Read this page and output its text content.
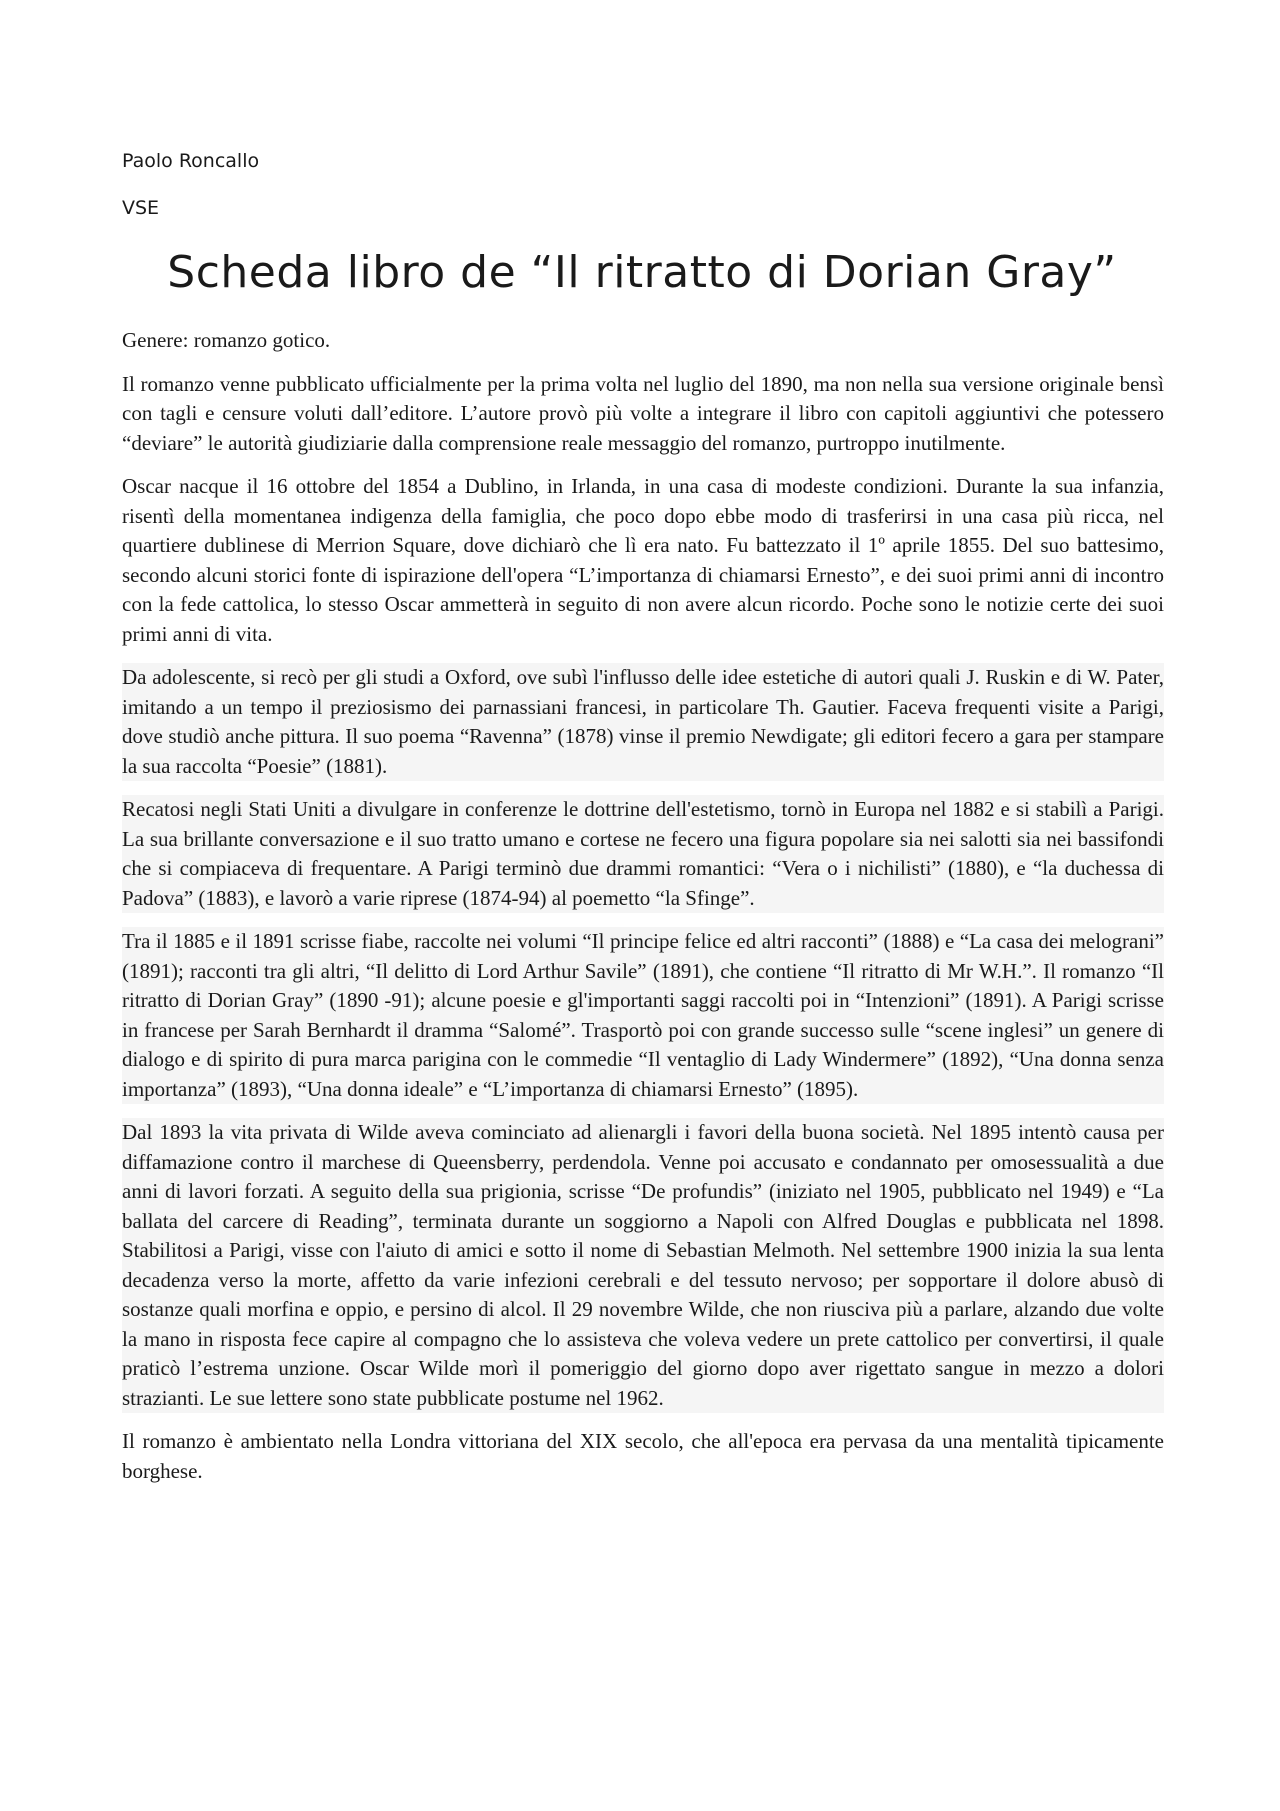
Paolo Roncallo
VSE
Scheda libro de “Il ritratto di Dorian Gray”

Genere: romanzo gotico.

Il romanzo venne pubblicato ufficialmente per la prima volta nel luglio del 1890, ma non nella sua versione originale bensì con tagli e censure voluti dall’editore. L’autore provò più volte a integrare il libro con capitoli aggiuntivi che potessero “deviare” le autorità giudiziarie dalla comprensione reale messaggio del romanzo, purtroppo inutilmente.

Oscar nacque il 16 ottobre del 1854 a Dublino, in Irlanda, in una casa di modeste condizioni. Durante la sua infanzia, risentì della momentanea indigenza della famiglia, che poco dopo ebbe modo di trasferirsi in una casa più ricca, nel quartiere dublinese di Merrion Square, dove dichiarò che lì era nato. Fu battezzato il 1º aprile 1855. Del suo battesimo, secondo alcuni storici fonte di ispirazione dell'opera “L’importanza di chiamarsi Ernesto”, e dei suoi primi anni di incontro con la fede cattolica, lo stesso Oscar ammetterà in seguito di non avere alcun ricordo. Poche sono le notizie certe dei suoi primi anni di vita.

Da adolescente, si recò per gli studi a Oxford, ove subì l'influsso delle idee estetiche di autori quali J. Ruskin e di W. Pater, imitando a un tempo il preziosismo dei parnassiani francesi, in particolare Th. Gautier. Faceva frequenti visite a Parigi, dove studiò anche pittura. Il suo poema “Ravenna” (1878) vinse il premio Newdigate; gli editori fecero a gara per stampare la sua raccolta “Poesie” (1881).

Recatosi negli Stati Uniti a divulgare in conferenze le dottrine dell'estetismo, tornò in Europa nel 1882 e si stabilì a Parigi. La sua brillante conversazione e il suo tratto umano e cortese ne fecero una figura popolare sia nei salotti sia nei bassifondi che si compiaceva di frequentare. A Parigi terminò due drammi romantici: “Vera o i nichilisti” (1880), e “la duchessa di Padova” (1883), e lavorò a varie riprese (1874-94) al poemetto “la Sfinge”.

Tra il 1885 e il 1891 scrisse fiabe, raccolte nei volumi “Il principe felice ed altri racconti” (1888) e “La casa dei melograni” (1891); racconti tra gli altri, “Il delitto di Lord Arthur Savile” (1891), che contiene “Il ritratto di Mr W.H.”. Il romanzo “Il ritratto di Dorian Gray” (1890 -91); alcune poesie e gl'importanti saggi raccolti poi in “Intenzioni” (1891). A Parigi scrisse in francese per Sarah Bernhardt il dramma “Salomé”. Trasportò poi con grande successo sulle “scene inglesi” un genere di dialogo e di spirito di pura marca parigina con le commedie “Il ventaglio di Lady Windermere” (1892), “Una donna senza importanza” (1893), “Una donna ideale” e “L’importanza di chiamarsi Ernesto” (1895).

Dal 1893 la vita privata di Wilde aveva cominciato ad alienargli i favori della buona società. Nel 1895 intentò causa per diffamazione contro il marchese di Queensberry, perdendola. Venne poi accusato e condannato per omosessualità a due anni di lavori forzati. A seguito della sua prigionia, scrisse “De profundis” (iniziato nel 1905, pubblicato nel 1949) e “La ballata del carcere di Reading”, terminata durante un soggiorno a Napoli con Alfred Douglas e pubblicata nel 1898. Stabilitosi a Parigi, visse con l'aiuto di amici e sotto il nome di Sebastian Melmoth. Nel settembre 1900 inizia la sua lenta decadenza verso la morte, affetto da varie infezioni cerebrali e del tessuto nervoso; per sopportare il dolore abusò di sostanze quali morfina e oppio, e persino di alcol. Il 29 novembre Wilde, che non riusciva più a parlare, alzando due volte la mano in risposta fece capire al compagno che lo assisteva che voleva vedere un prete cattolico per convertirsi, il quale praticò l’estrema unzione. Oscar Wilde morì il pomeriggio del giorno dopo aver rigettato sangue in mezzo a dolori strazianti. Le sue lettere sono state pubblicate postume nel 1962.

Il romanzo è ambientato nella Londra vittoriana del XIX secolo, che all'epoca era pervasa da una mentalità tipicamente borghese.
